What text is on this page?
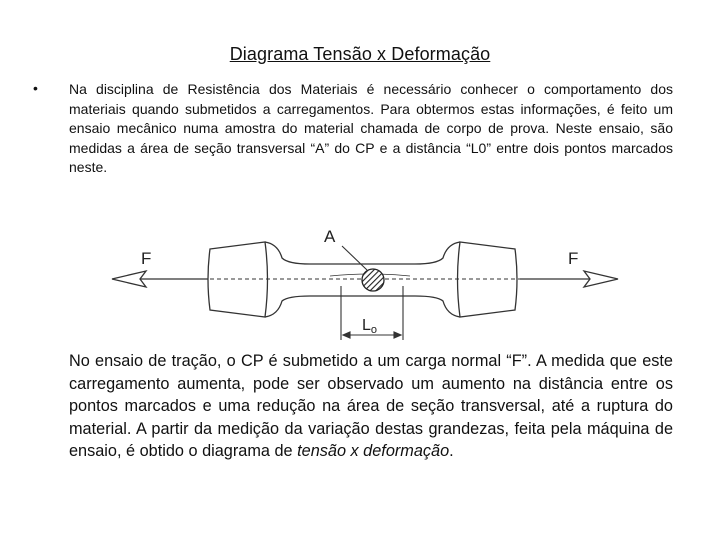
Diagrama Tensão x Deformação
• Na disciplina de Resistência dos Materiais é necessário conhecer o comportamento dos materiais quando submetidos a carregamentos. Para obtermos estas informações, é feito um ensaio mecânico numa amostra do material chamada de corpo de prova. Neste ensaio, são medidas a área de seção transversal “A” do CP e a distância “L0” entre dois pontos marcados neste.
F	F
A
Lo
No ensaio de tração, o CP é submetido a um carga normal “F”. A medida que este carregamento aumenta, pode ser observado um aumento na distância entre os pontos marcados e uma redução na área de seção transversal, até a ruptura do material. A partir da medição da variação destas grandezas, feita pela máquina de ensaio, é obtido o diagrama de tensão x deformação.
